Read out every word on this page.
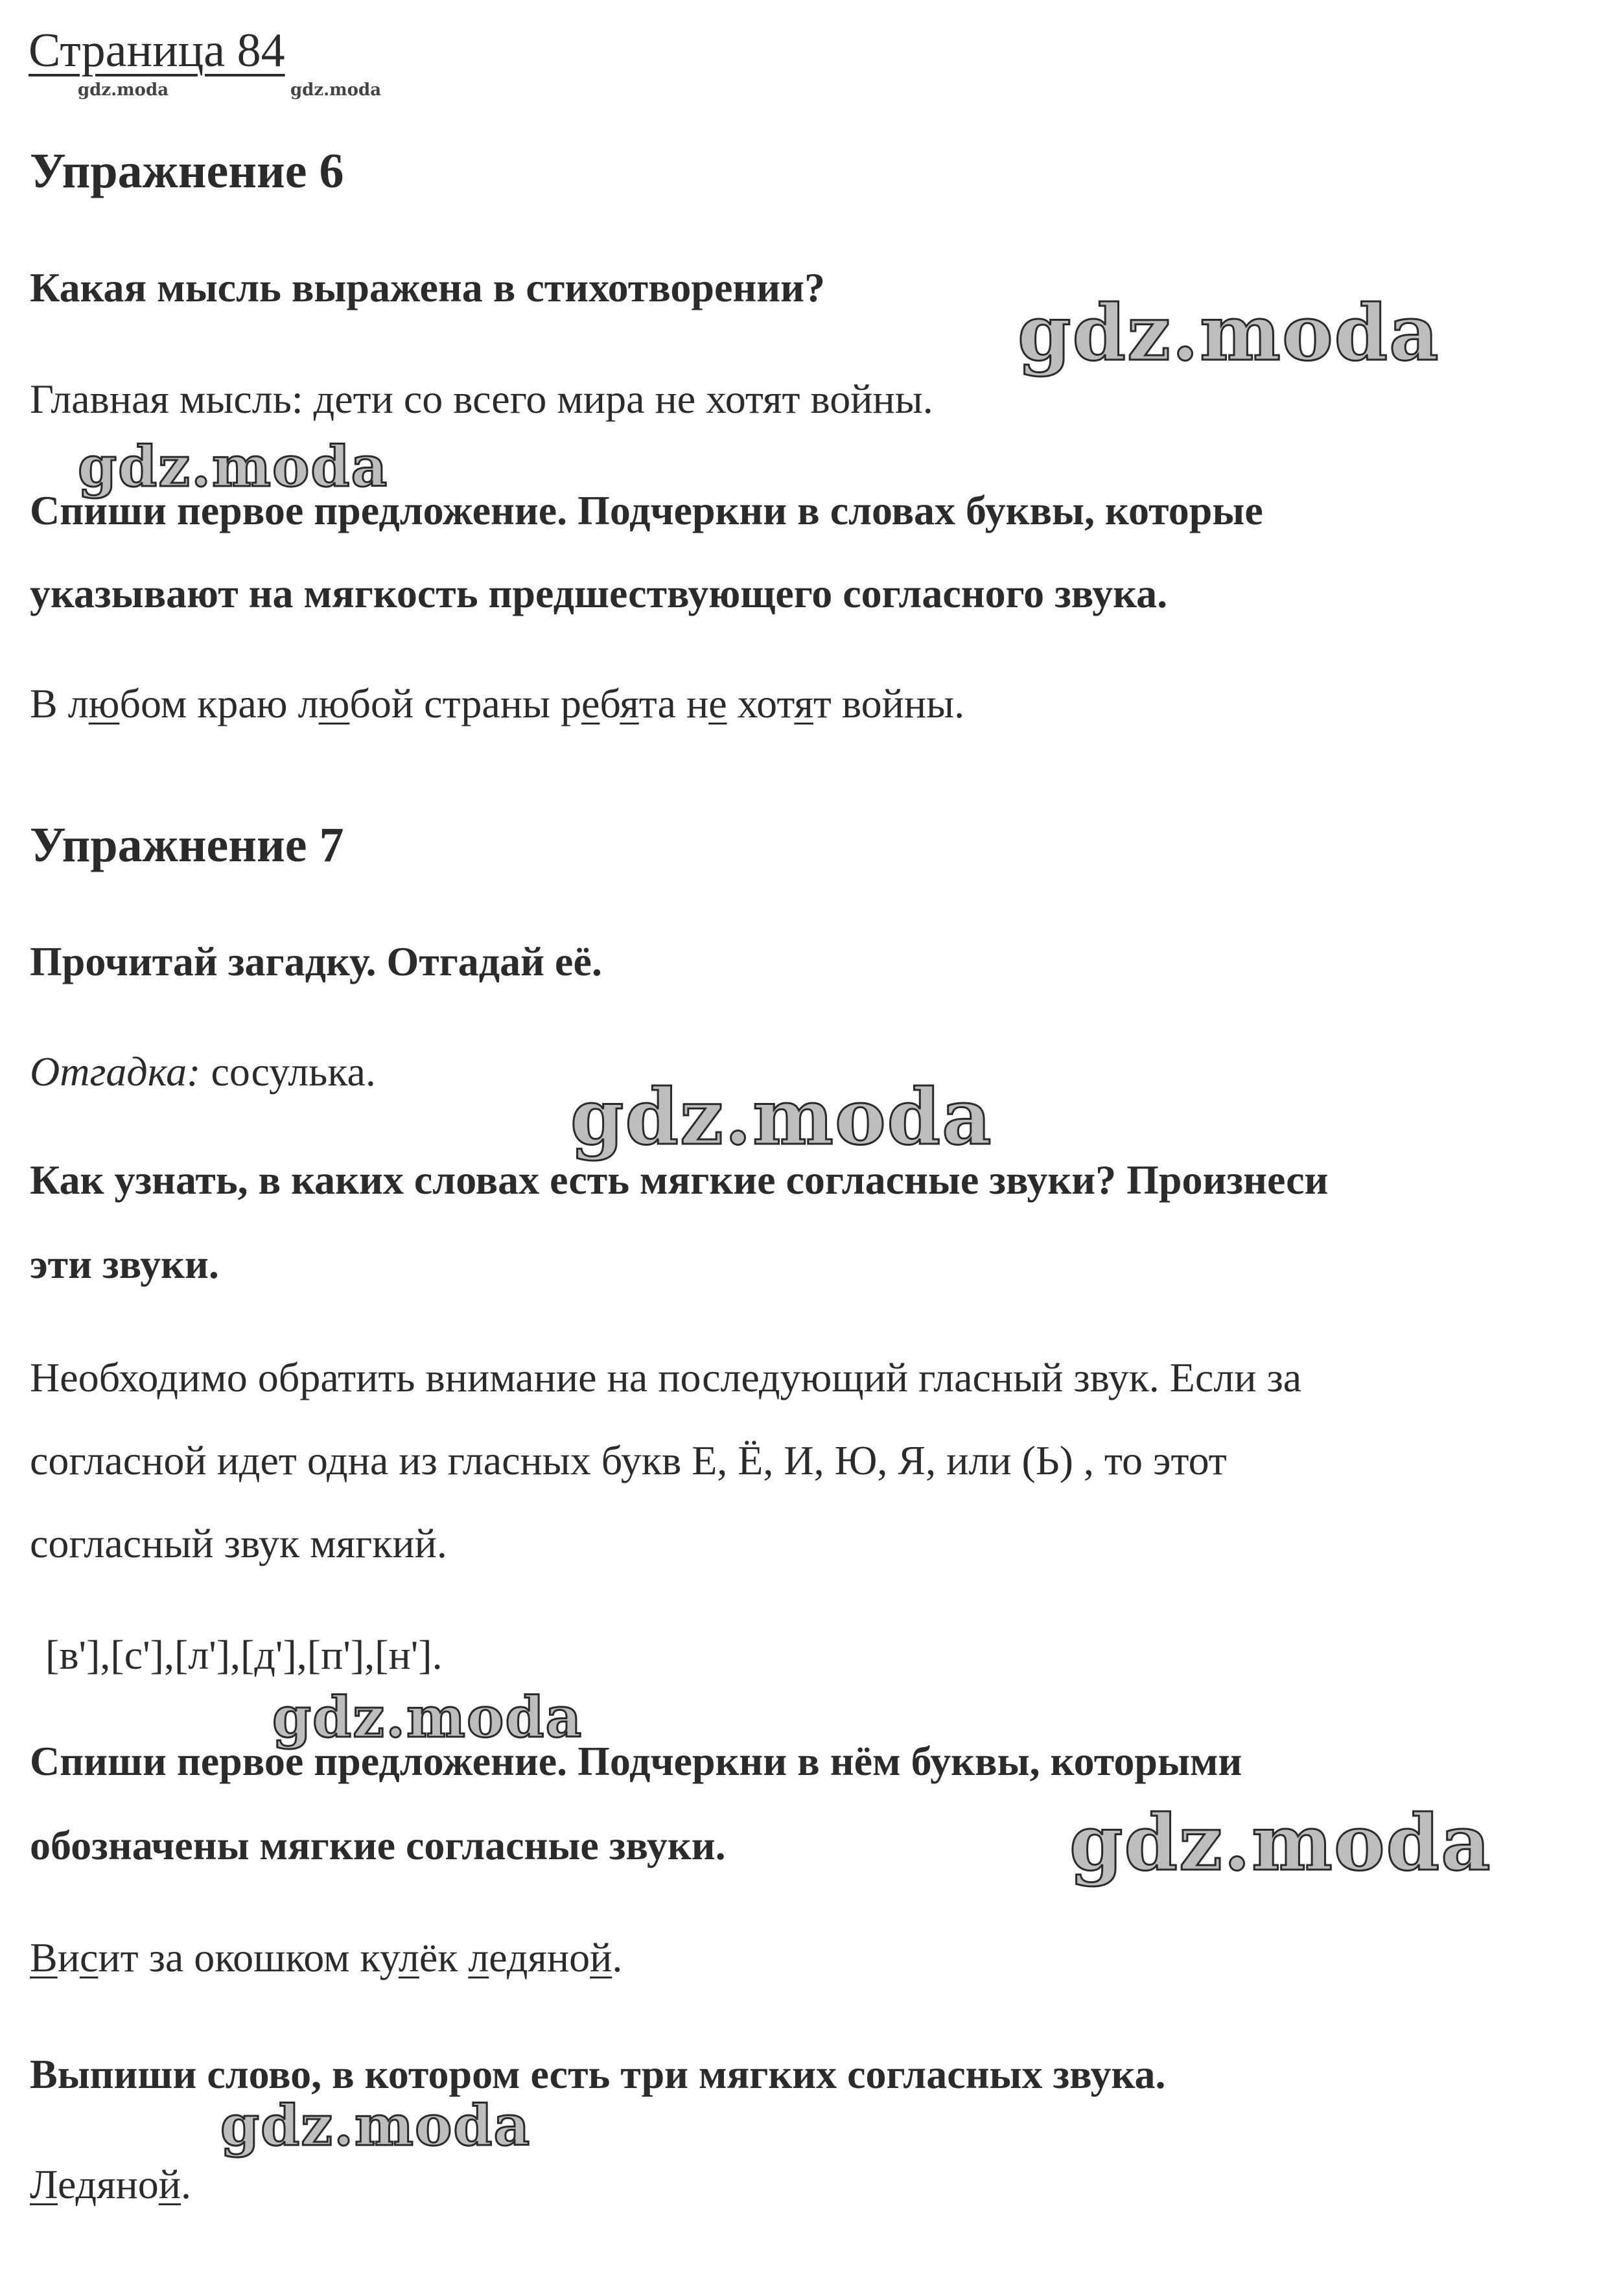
Страница 84
gdz.moda	gdz.moda
Упражнение 6
Какая мысль выражена в стихотворении?
gdz.moda
Главная мысль: дети со всего мира не хотят войны.
gdz.moda
Спиши первое предложение. Подчеркни в словах буквы, которые
указывают на мягкость предшествующего согласного звука.
В любом краю любой страны ребята не хотят войны.
Упражнение 7
Прочитай загадку. Отгадай её.
Отгадка: сосулька.
gdz.moda
Как узнать, в каких словах есть мягкие согласные звуки? Произнеси
эти звуки.
Необходимо обратить внимание на последующий гласный звук. Если за
согласной идет одна из гласных букв Е, Ё, И, Ю, Я, или (Ь) , то этот
согласный звук мягкий.
[в'],[с'],[л'],[д'],[п'],[н'].
gdz.moda
Спиши первое предложение. Подчеркни в нём буквы, которыми
обозначены мягкие согласные звуки.	gdz.moda
Висит за окошком кулёк ледяной.
Выпиши слово, в котором есть три мягких согласных звука.
gdz.moda
Ледяной.
